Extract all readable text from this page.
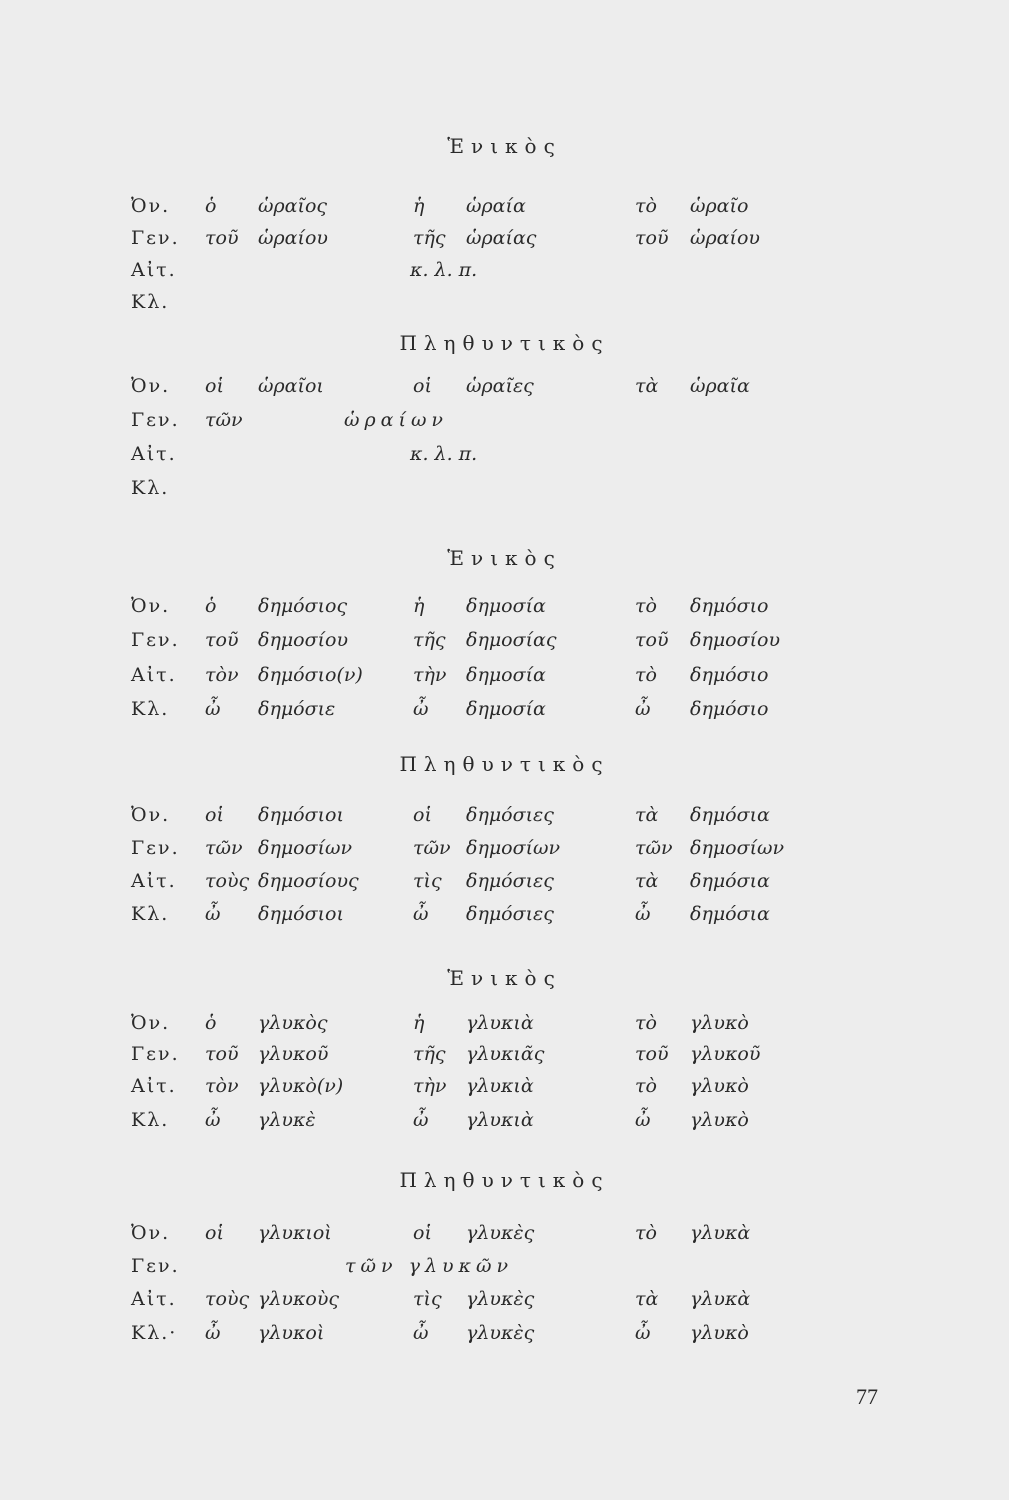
Ἑνικὸς
Ὀν. ὁ ὡραῖος	ἡ ὡραία	τὸ ὡραῖο
Γεν. τοῦ ὡραίου	τῆς ὡραίας	τοῦ ὡραίου
Αἰτ.	κ. λ. π.
Κλ.
Πληθυντικὸς
Ὀν. οἱ ὡραῖοι	οἱ ὡραῖες	τὰ ὡραῖα
Γεν. τῶν	ὡραίων
Αἰτ.	κ. λ. π.
Κλ.
Ἑνικὸς
Ὀν. ὁ δημόσιος	ἡ δημοσία	τὸ δημόσιο
Γεν. τοῦ δημοσίου	τῆς δημοσίας	τοῦ δημοσίου
Αἰτ. τὸν δημόσιο(ν)	τὴν δημοσία	τὸ δημόσιο
Κλ. ὦ δημόσιε	ὦ δημοσία	ὦ δημόσιο
Πληθυντικὸς
Ὀν. οἱ δημόσιοι	οἱ δημόσιες	τὰ δημόσια
Γεν. τῶν δημοσίων	τῶν δημοσίων	τῶν δημοσίων
Αἰτ. τοὺς δημοσίους	τὶς δημόσιες	τὰ δημόσια
Κλ. ὦ δημόσιοι	ὦ δημόσιες	ὦ δημόσια
Ἑνικὸς
Ὀν. ὁ γλυκὸς	ἡ γλυκιὰ	τὸ γλυκὸ
Γεν. τοῦ γλυκοῦ	τῆς γλυκιᾶς	τοῦ γλυκοῦ
Αἰτ. τὸν γλυκὸ(ν)	τὴν γλυκιὰ	τὸ γλυκὸ
Κλ. ὦ γλυκὲ	ὦ γλυκιὰ	ὦ γλυκὸ
Πληθυντικὸς
Ὀν. οἱ γλυκιοὶ	οἱ γλυκὲς	τὸ γλυκὰ
Γεν.	τῶν γλυκῶν
Αἰτ. τοὺς γλυκοὺς	τὶς γλυκὲς	τὰ γλυκὰ
Κλ.· ὦ γλυκοὶ	ὦ γλυκὲς	ὦ γλυκὸ
77
